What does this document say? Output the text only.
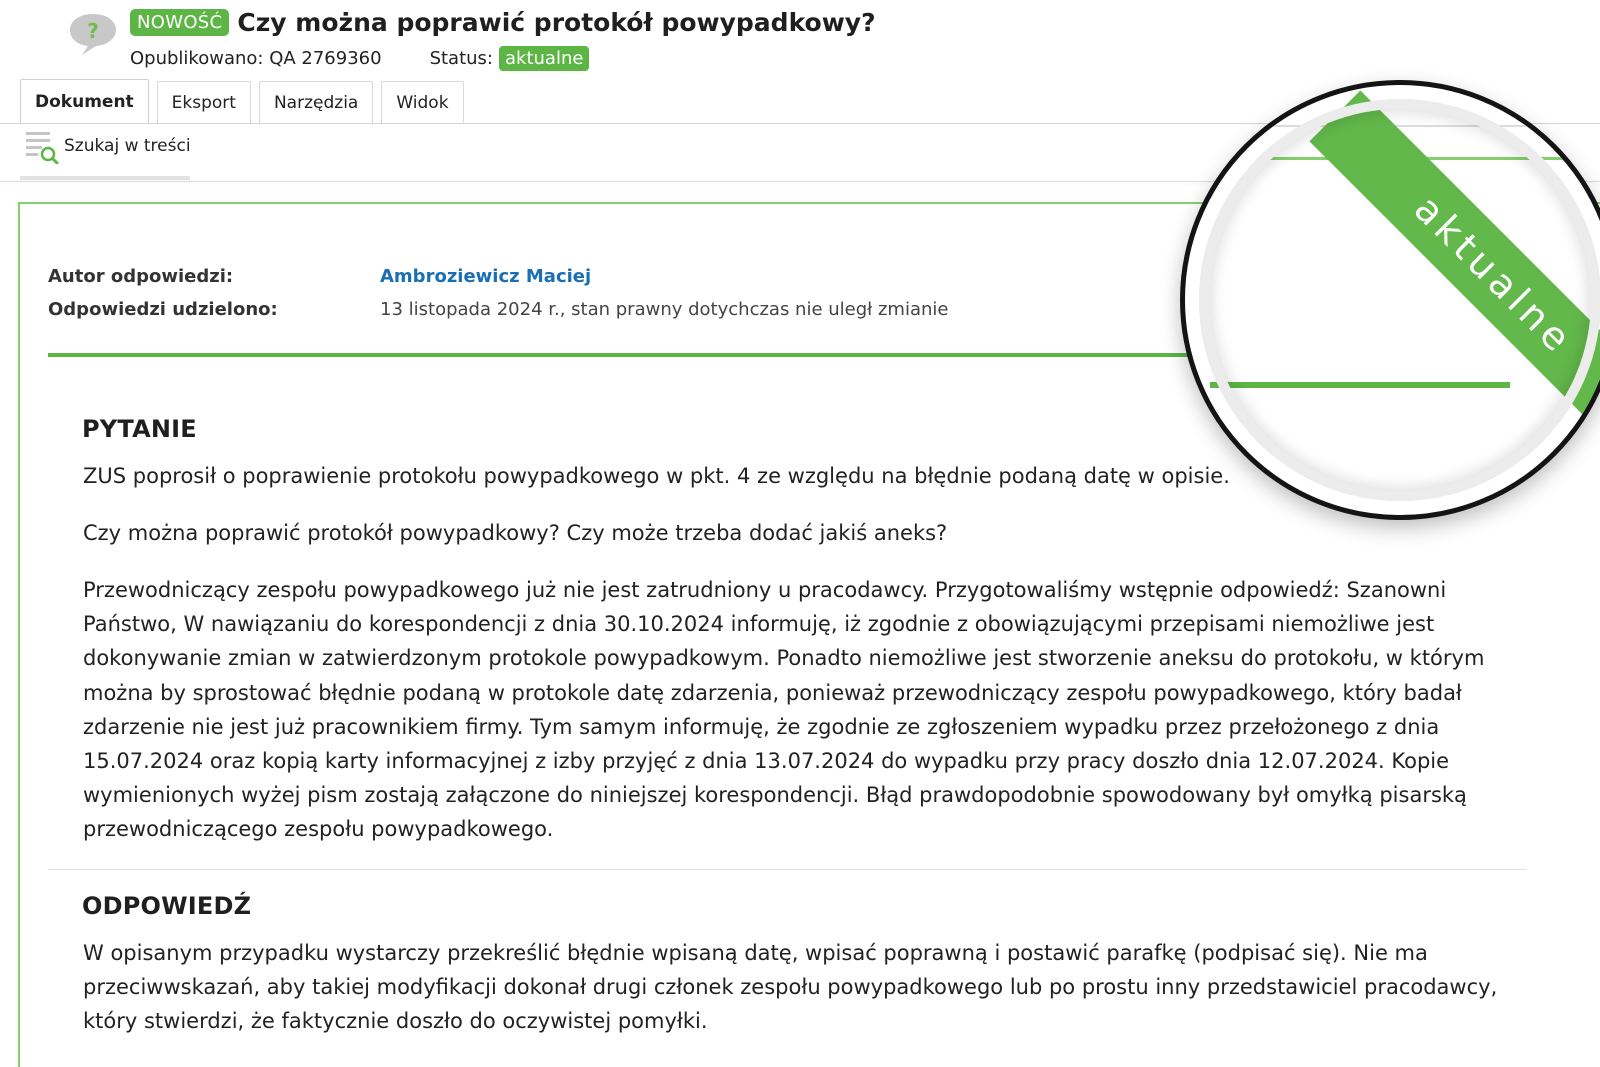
?	NOWOŚĆ Czy można poprawić protokół powypadkowy?
Opublikowano:
QA 2769360	Status: aktualne
Dokument	Eksport	Narzędzia	Widok
Szukaj w treści
Autor odpowiedzi:	Ambroziewicz Maciej
Odpowiedzi udzielono:	13 listopada 2024 r., stan prawny dotychczas nie uległ zmianie
PYTANIE

ZUS poprosił o poprawienie protokołu powypadkowego w pkt. 4 ze względu na błędnie podaną datę w opisie.

Czy można poprawić protokół powypadkowy? Czy może trzeba dodać jakiś aneks?

Przewodniczący zespołu powypadkowego już nie jest zatrudniony u pracodawcy. Przygotowaliśmy wstępnie odpowiedź: Szanowni Państwo, W nawiązaniu do korespondencji z dnia 30.10.2024 informuję, iż zgodnie z obowiązującymi przepisami niemożliwe jest dokonywanie zmian w zatwierdzonym protokole powypadkowym. Ponadto niemożliwe jest stworzenie aneksu do protokołu, w którym można by sprostować błędnie podaną w protokole datę zdarzenia, ponieważ przewodniczący zespołu powypadkowego, który badał zdarzenie nie jest już pracownikiem firmy. Tym samym informuję, że zgodnie ze zgłoszeniem wypadku przez przełożonego z dnia 15.07.2024 oraz kopią karty informacyjnej z izby przyjęć z dnia 13.07.2024 do wypadku przy pracy doszło dnia 12.07.2024. Kopie wymienionych wyżej pism zostają załączone do niniejszej korespondencji. Błąd prawdopodobnie spowodowany był omyłką pisarską przewodniczącego zespołu powypadkowego.

ODPOWIEDŹ

W opisanym przypadku wystarczy przekreślić błędnie wpisaną datę, wpisać poprawną i postawić parafkę (podpisać się). Nie ma przeciwwskazań, aby takiej modyfikacji dokonał drugi członek zespołu powypadkowego lub po prostu inny przedstawiciel pracodawcy, który stwierdzi, że faktycznie doszło do oczywistej pomyłki.

aktualne
